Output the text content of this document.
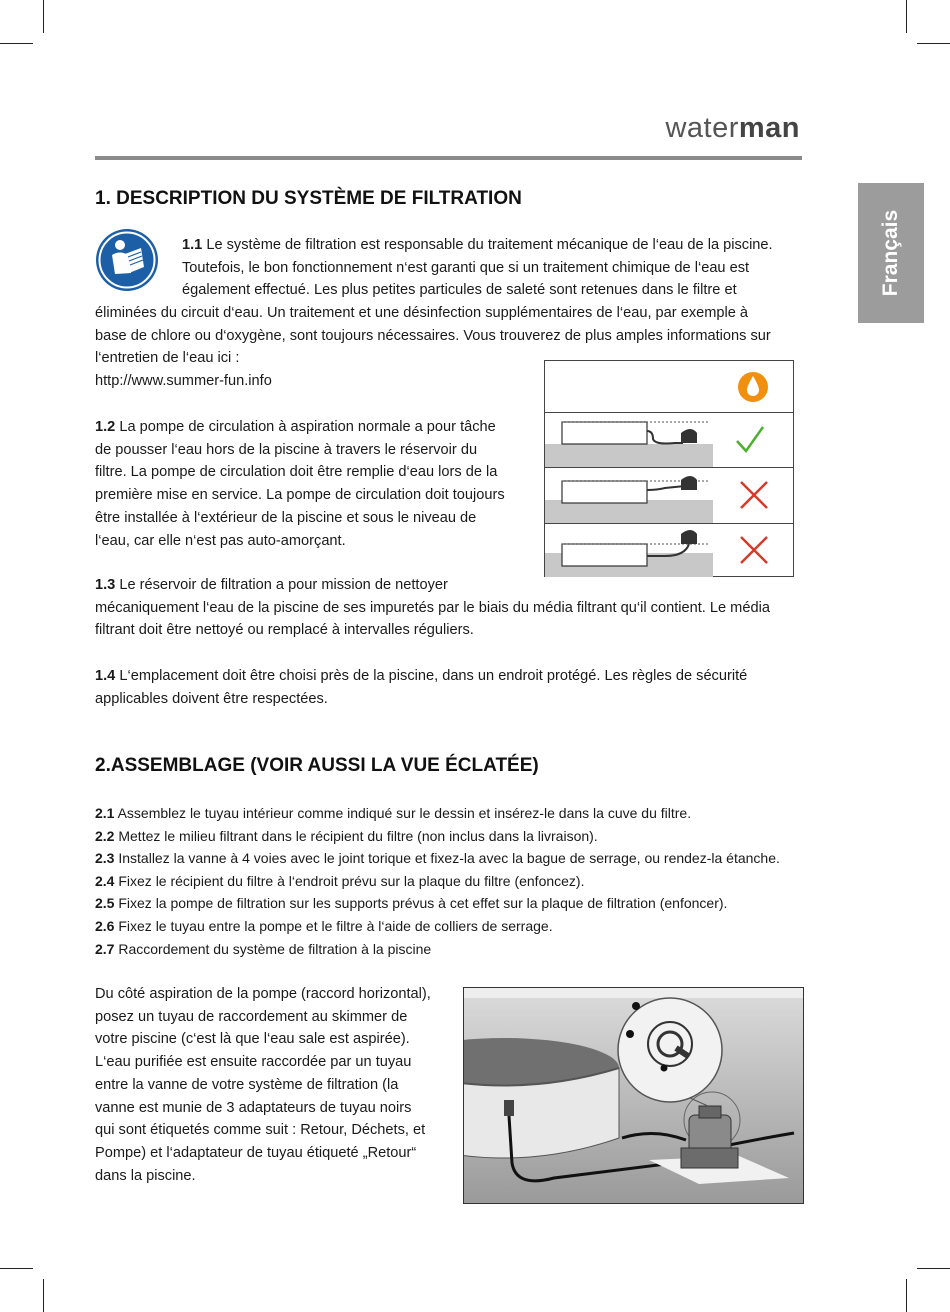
waterman
Français
1. DESCRIPTION DU SYSTÈME DE FILTRATION
1.1 Le système de filtration est responsable du traitement mécanique de l‘eau de la piscine.
Toutefois, le bon fonctionnement n‘est garanti que si un traitement chimique de l‘eau est
également effectué. Les plus petites particules de saleté sont retenues dans le filtre et
éliminées du circuit d‘eau. Un traitement et une désinfection supplémentaires de l‘eau, par exemple à
base de chlore ou d‘oxygène, sont toujours nécessaires. Vous trouverez de plus amples informations sur
l‘entretien de l‘eau ici :
http://www.summer-fun.info
1.2 La pompe de circulation à aspiration normale a pour tâche
de pousser l‘eau hors de la piscine à travers le réservoir du
filtre. La pompe de circulation doit être remplie d‘eau lors de la
première mise en service. La pompe de circulation doit toujours
être installée à l‘extérieur de la piscine et sous le niveau de
l‘eau, car elle n‘est pas auto-amorçant.
1.3 Le réservoir de filtration a pour mission de nettoyer
mécaniquement l‘eau de la piscine de ses impuretés par le biais du média filtrant qu‘il contient. Le média
filtrant doit être nettoyé ou remplacé à intervalles réguliers.
1.4 L‘emplacement doit être choisi près de la piscine, dans un endroit protégé. Les règles de sécurité
applicables doivent être respectées.
2.ASSEMBLAGE (VOIR AUSSI LA VUE ÉCLATÉE)
2.1 Assemblez le tuyau intérieur comme indiqué sur le dessin et insérez-le dans la cuve du filtre.
2.2 Mettez le milieu filtrant dans le récipient du filtre (non inclus dans la livraison).
2.3 Installez la vanne à 4 voies avec le joint torique et fixez-la avec la bague de serrage, ou rendez-la étanche.
2.4 Fixez le récipient du filtre à l‘endroit prévu sur la plaque du filtre (enfoncez).
2.5 Fixez la pompe de filtration sur les supports prévus à cet effet sur la plaque de filtration (enfoncer).
2.6 Fixez le tuyau entre la pompe et le filtre à l‘aide de colliers de serrage.
2.7 Raccordement du système de filtration à la piscine
Du côté aspiration de la pompe (raccord horizontal),
posez un tuyau de raccordement au skimmer de
votre piscine (c‘est là que l‘eau sale est aspirée).
L‘eau purifiée est ensuite raccordée par un tuyau
entre la vanne de votre système de filtration (la
vanne est munie de 3 adaptateurs de tuyau noirs
qui sont étiquetés comme suit : Retour, Déchets, et
Pompe) et l‘adaptateur de tuyau étiqueté „Retour“
dans la piscine.
